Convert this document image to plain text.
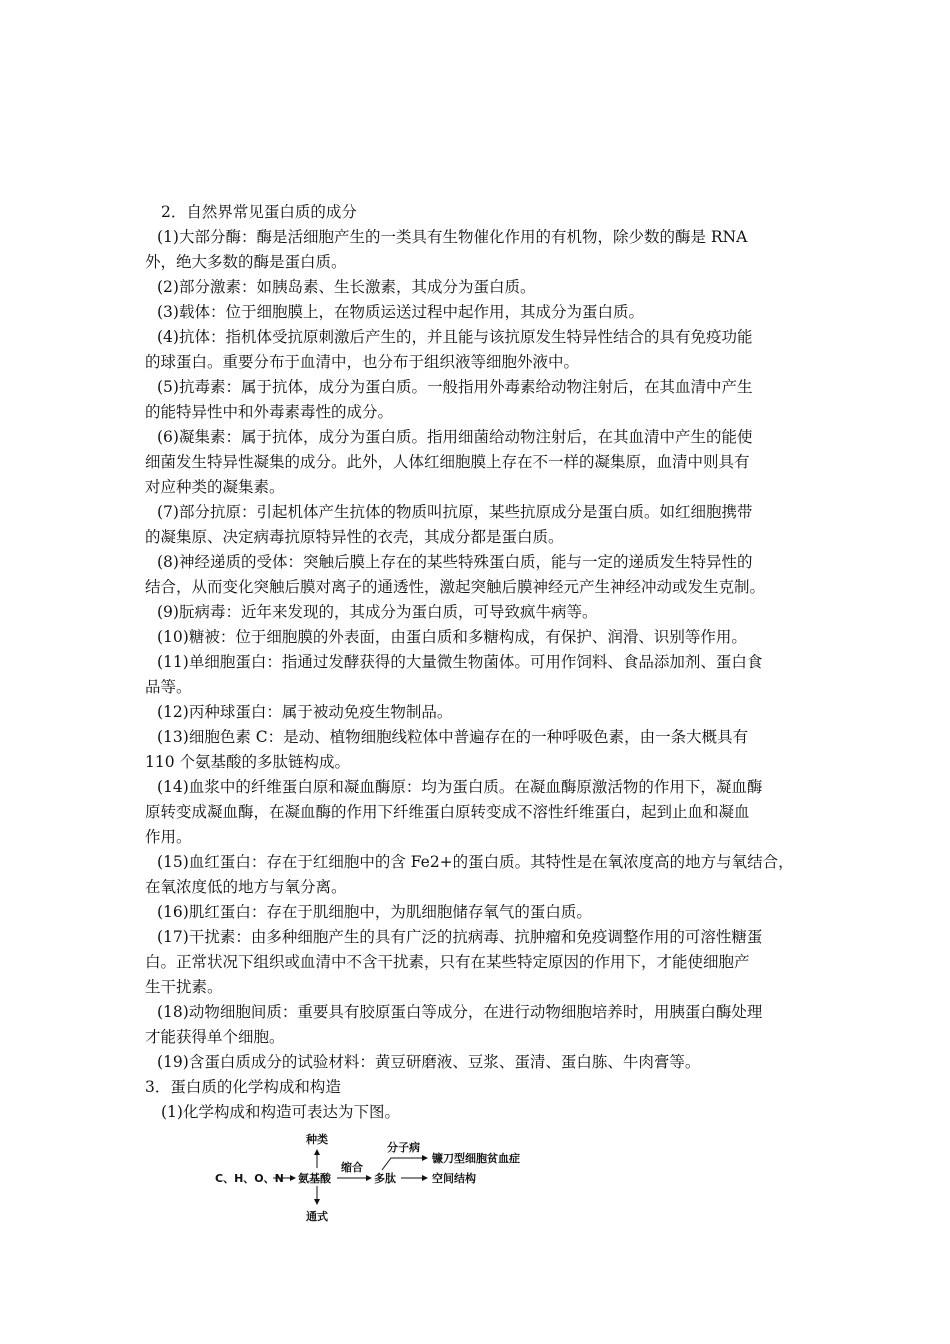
2．自然界常见蛋白质的成分

(1)大部分酶：酶是活细胞产生的一类具有生物催化作用的有机物，除少数的酶是 RNA

外，绝大多数的酶是蛋白质。

(2)部分激素：如胰岛素、生长激素，其成分为蛋白质。

(3)载体：位于细胞膜上，在物质运送过程中起作用，其成分为蛋白质。

(4)抗体：指机体受抗原刺激后产生的，并且能与该抗原发生特异性结合的具有免疫功能

的球蛋白。重要分布于血清中，也分布于组织液等细胞外液中。

(5)抗毒素：属于抗体，成分为蛋白质。一般指用外毒素给动物注射后，在其血清中产生

的能特异性中和外毒素毒性的成分。

(6)凝集素：属于抗体，成分为蛋白质。指用细菌给动物注射后，在其血清中产生的能使

细菌发生特异性凝集的成分。此外，人体红细胞膜上存在不一样的凝集原，血清中则具有

对应种类的凝集素。

(7)部分抗原：引起机体产生抗体的物质叫抗原，某些抗原成分是蛋白质。如红细胞携带

的凝集原、决定病毒抗原特异性的衣壳，其成分都是蛋白质。

(8)神经递质的受体：突触后膜上存在的某些特殊蛋白质，能与一定的递质发生特异性的

结合，从而变化突触后膜对离子的通透性，激起突触后膜神经元产生神经冲动或发生克制。

(9)朊病毒：近年来发现的，其成分为蛋白质，可导致疯牛病等。

(10)糖被：位于细胞膜的外表面，由蛋白质和多糖构成，有保护、润滑、识别等作用。

(11)单细胞蛋白：指通过发酵获得的大量微生物菌体。可用作饲料、食品添加剂、蛋白食

品等。

(12)丙种球蛋白：属于被动免疫生物制品。

(13)细胞色素 C：是动、植物细胞线粒体中普遍存在的一种呼吸色素，由一条大概具有

110 个氨基酸的多肽链构成。

(14)血浆中的纤维蛋白原和凝血酶原：均为蛋白质。在凝血酶原激活物的作用下，凝血酶

原转变成凝血酶，在凝血酶的作用下纤维蛋白原转变成不溶性纤维蛋白，起到止血和凝血

作用。

(15)血红蛋白：存在于红细胞中的含 Fe2+的蛋白质。其特性是在氧浓度高的地方与氧结合，

在氧浓度低的地方与氧分离。

(16)肌红蛋白：存在于肌细胞中，为肌细胞储存氧气的蛋白质。

(17)干扰素：由多种细胞产生的具有广泛的抗病毒、抗肿瘤和免疫调整作用的可溶性糖蛋

白。正常状况下组织或血清中不含干扰素，只有在某些特定原因的作用下，才能使细胞产

生干扰素。

(18)动物细胞间质：重要具有胶原蛋白等成分，在进行动物细胞培养时，用胰蛋白酶处理

才能获得单个细胞。

(19)含蛋白质成分的试验材料：黄豆研磨液、豆浆、蛋清、蛋白胨、牛肉膏等。

3．蛋白质的化学构成和构造

(1)化学构成和构造可表达为下图。

C、H、O、N 氨基酸
种类
通式
缩合
多肽
分子病
镰刀型细胞贫血症
空间结构
